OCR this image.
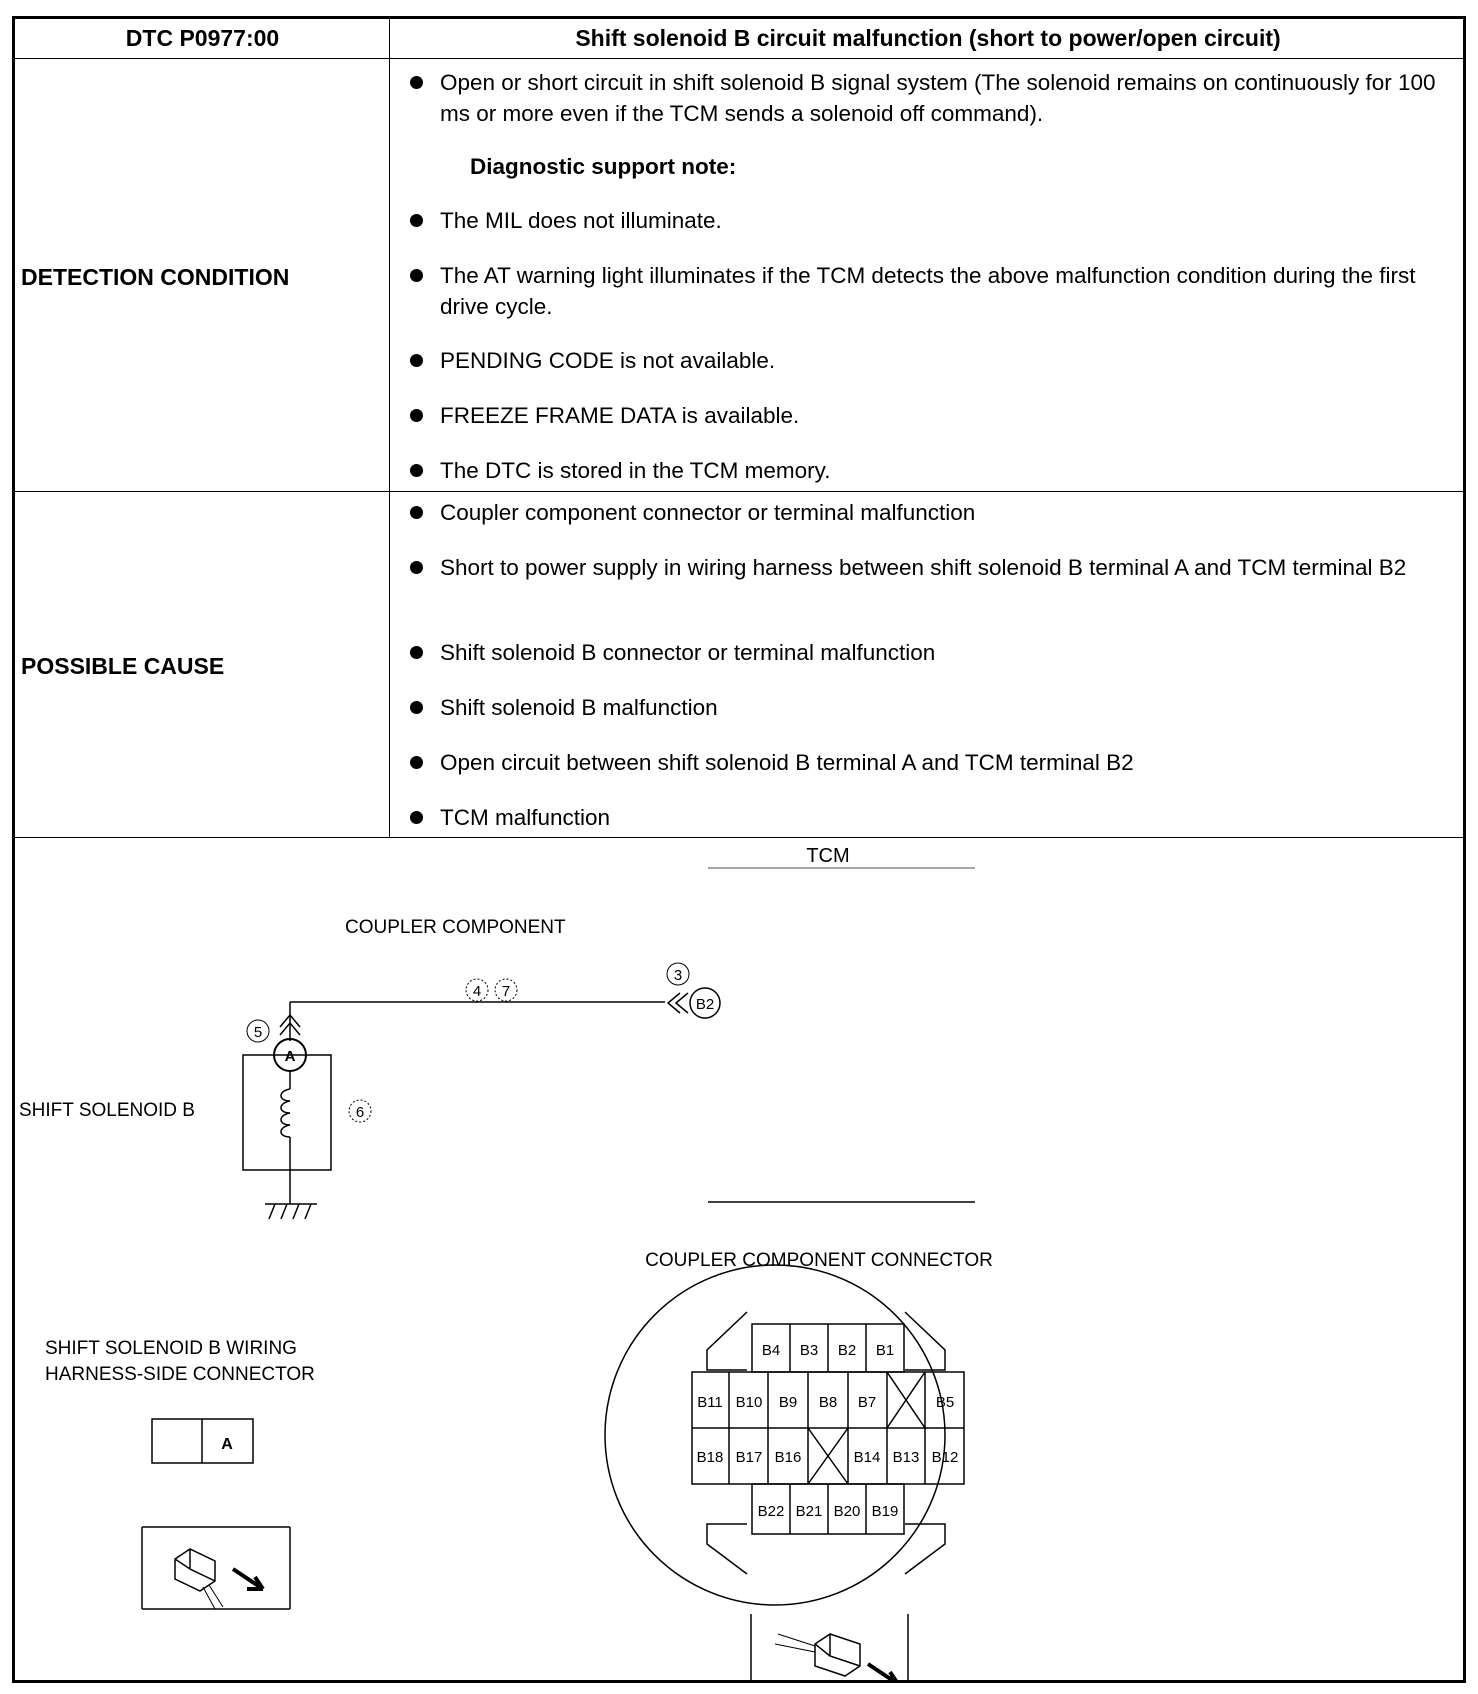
DTC P0977:00	Shift solenoid B circuit malfunction (short to power/open circuit)
DETECTION CONDITION
Open or short circuit in shift solenoid B signal system (The solenoid remains on continuously for 100 ms or more even if the TCM sends a solenoid off command).
Diagnostic support note:
The MIL does not illuminate.
The AT warning light illuminates if the TCM detects the above malfunction condition during the first drive cycle.
PENDING CODE is not available.
FREEZE FRAME DATA is available.
The DTC is stored in the TCM memory.
POSSIBLE CAUSE
Coupler component connector or terminal malfunction
Short to power supply in wiring harness between shift solenoid B terminal A and TCM terminal B2
Shift solenoid B connector or terminal malfunction
Shift solenoid B malfunction
Open circuit between shift solenoid B terminal A and TCM terminal B2
TCM malfunction
TCM
COUPLER COMPONENT
SHIFT SOLENOID B
A
B2
3
4 7
5
6
SHIFT SOLENOID B WIRING
HARNESS-SIDE CONNECTOR
A
COUPLER COMPONENT CONNECTOR
B4 B3 B2 B1
B11 B10 B9 B8 B7	B5
B18 B17 B16	B14 B13 B12
B22 B21 B20 B19
